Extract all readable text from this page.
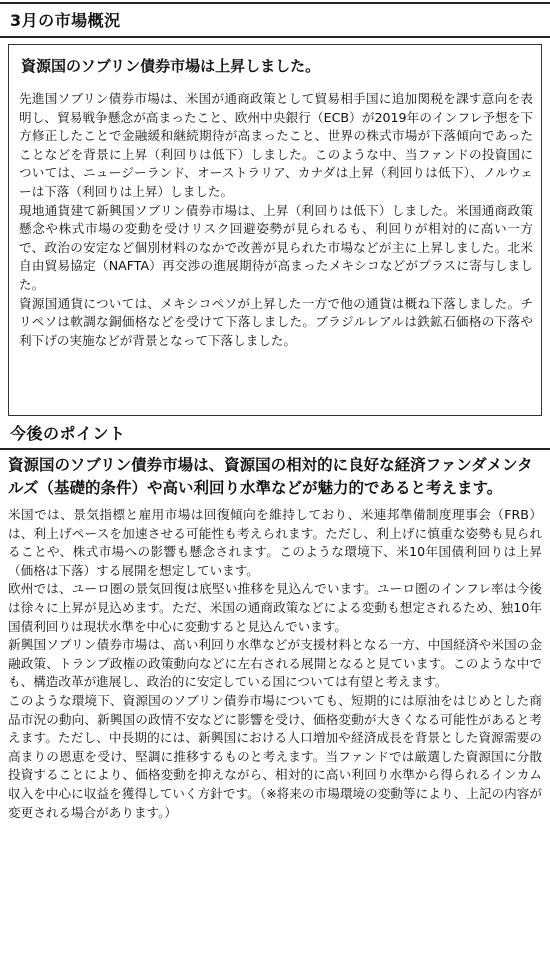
3月の市場概況
資源国のソブリン債券市場は上昇しました。
先進国ソブリン債券市場は、米国が通商政策として貿易相手国に追加関税を課す意向を表明し、貿易戦争懸念が高まったこと、欧州中央銀行（ECB）が2019年のインフレ予想を下方修正したことで金融緩和継続期待が高まったこと、世界の株式市場が下落傾向であったことなどを背景に上昇（利回りは低下）しました。このような中、当ファンドの投資国については、ニュージーランド、オーストラリア、カナダは上昇（利回りは低下）、ノルウェーは下落（利回りは上昇）しました。
現地通貨建て新興国ソブリン債券市場は、上昇（利回りは低下）しました。米国通商政策懸念や株式市場の変動を受けリスク回避姿勢が見られるも、利回りが相対的に高い一方で、政治の安定など個別材料のなかで改善が見られた市場などが主に上昇しました。北米自由貿易協定（NAFTA）再交渉の進展期待が高まったメキシコなどがプラスに寄与しました。
資源国通貨については、メキシコペソが上昇した一方で他の通貨は概ね下落しました。チリペソは軟調な銅価格などを受けて下落しました。ブラジルレアルは鉄鉱石価格の下落や利下げの実施などが背景となって下落しました。
今後のポイント
資源国のソブリン債券市場は、資源国の相対的に良好な経済ファンダメンタルズ（基礎的条件）や高い利回り水準などが魅力的であると考えます。
米国では、景気指標と雇用市場は回復傾向を維持しており、米連邦準備制度理事会（FRB）は、利上げペースを加速させる可能性も考えられます。ただし、利上げに慎重な姿勢も見られることや、株式市場への影響も懸念されます。このような環境下、米10年国債利回りは上昇（価格は下落）する展開を想定しています。
欧州では、ユーロ圏の景気回復は底堅い推移を見込んでいます。ユーロ圏のインフレ率は今後は徐々に上昇が見込めます。ただ、米国の通商政策などによる変動も想定されるため、独10年国債利回りは現状水準を中心に変動すると見込んでいます。
新興国ソブリン債券市場は、高い利回り水準などが支援材料となる一方、中国経済や米国の金融政策、トランプ政権の政策動向などに左右される展開となると見ています。このような中でも、構造改革が進展し、政治的に安定している国については有望と考えます。
このような環境下、資源国のソブリン債券市場についても、短期的には原油をはじめとした商品市況の動向、新興国の政情不安などに影響を受け、価格変動が大きくなる可能性があると考えます。ただし、中長期的には、新興国における人口増加や経済成長を背景とした資源需要の高まりの恩恵を受け、堅調に推移するものと考えます。当ファンドでは厳選した資源国に分散投資することにより、価格変動を抑えながら、相対的に高い利回り水準から得られるインカム収入を中心に収益を獲得していく方針です。（※将来の市場環境の変動等により、上記の内容が変更される場合があります。）
